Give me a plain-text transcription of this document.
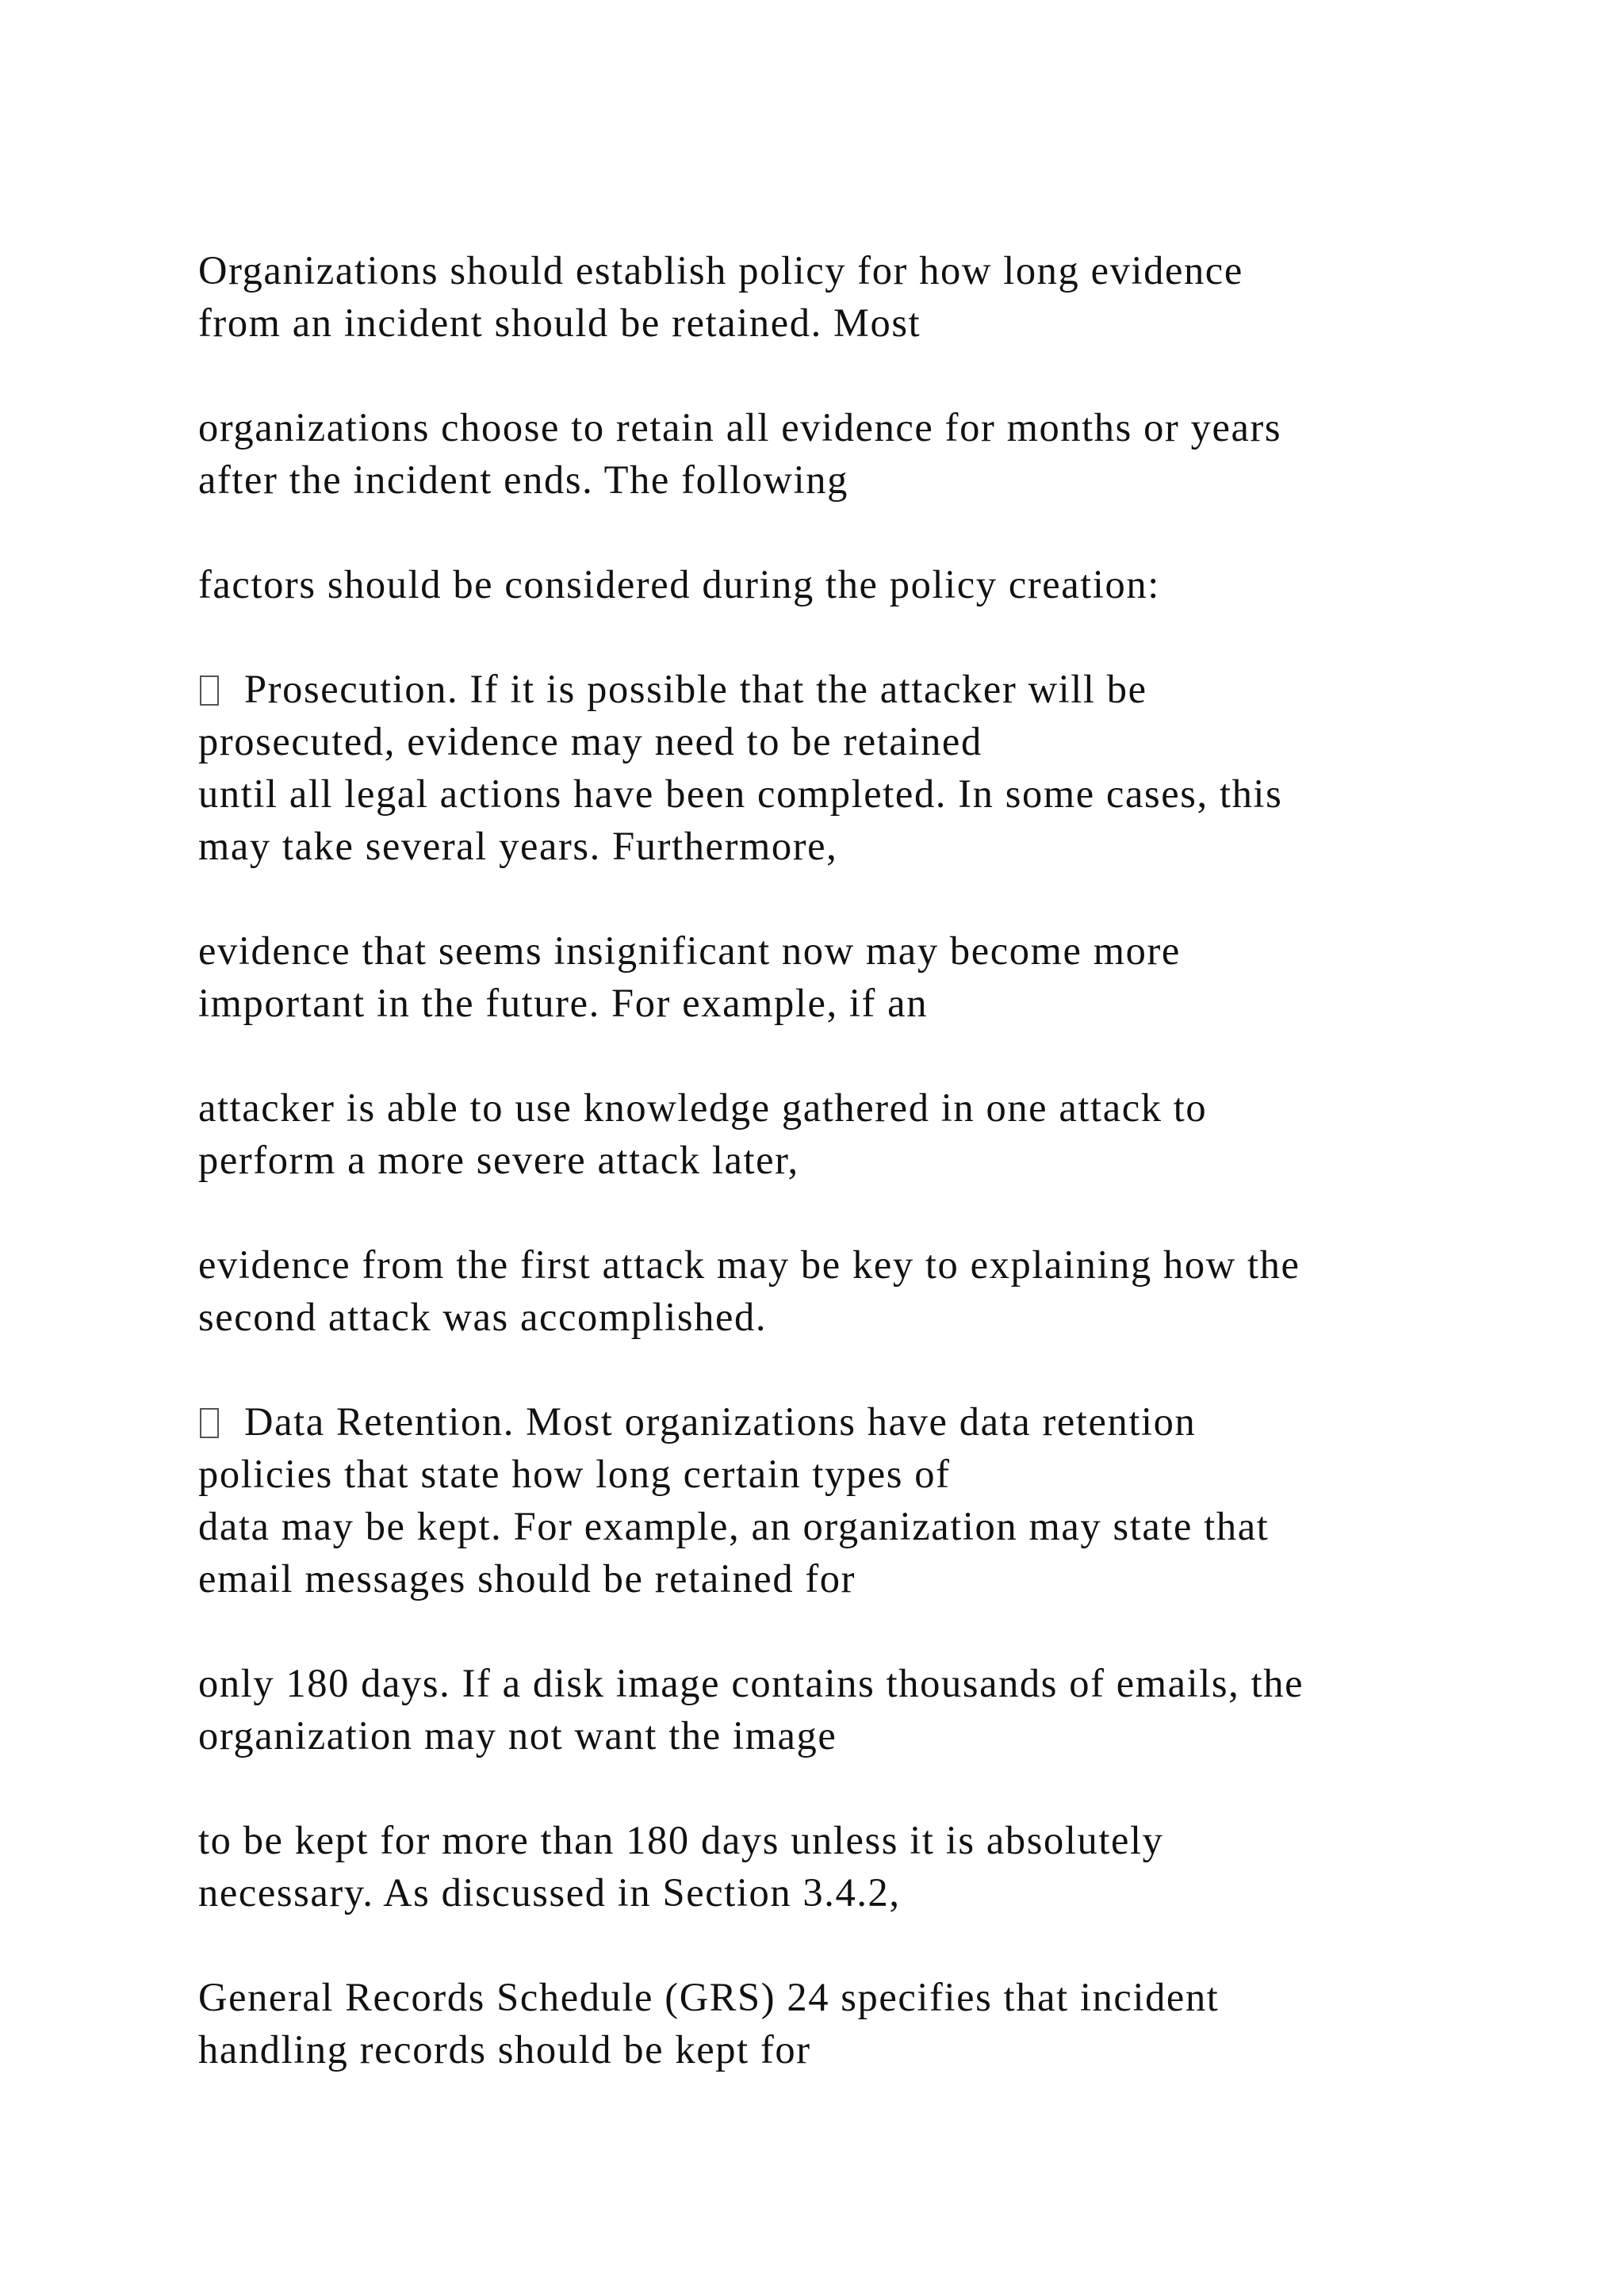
Organizations should establish policy for how long evidence
from an incident should be retained. Most
organizations choose to retain all evidence for months or years
after the incident ends. The following
factors should be considered during the policy creation:
Prosecution. If it is possible that the attacker will be
prosecuted, evidence may need to be retained
until all legal actions have been completed. In some cases, this
may take several years. Furthermore,
evidence that seems insignificant now may become more
important in the future. For example, if an
attacker is able to use knowledge gathered in one attack to
perform a more severe attack later,
evidence from the first attack may be key to explaining how the
second attack was accomplished.
Data Retention. Most organizations have data retention
policies that state how long certain types of
data may be kept. For example, an organization may state that
email messages should be retained for
only 180 days. If a disk image contains thousands of emails, the
organization may not want the image
to be kept for more than 180 days unless it is absolutely
necessary. As discussed in Section 3.4.2,
General Records Schedule (GRS) 24 specifies that incident
handling records should be kept for
